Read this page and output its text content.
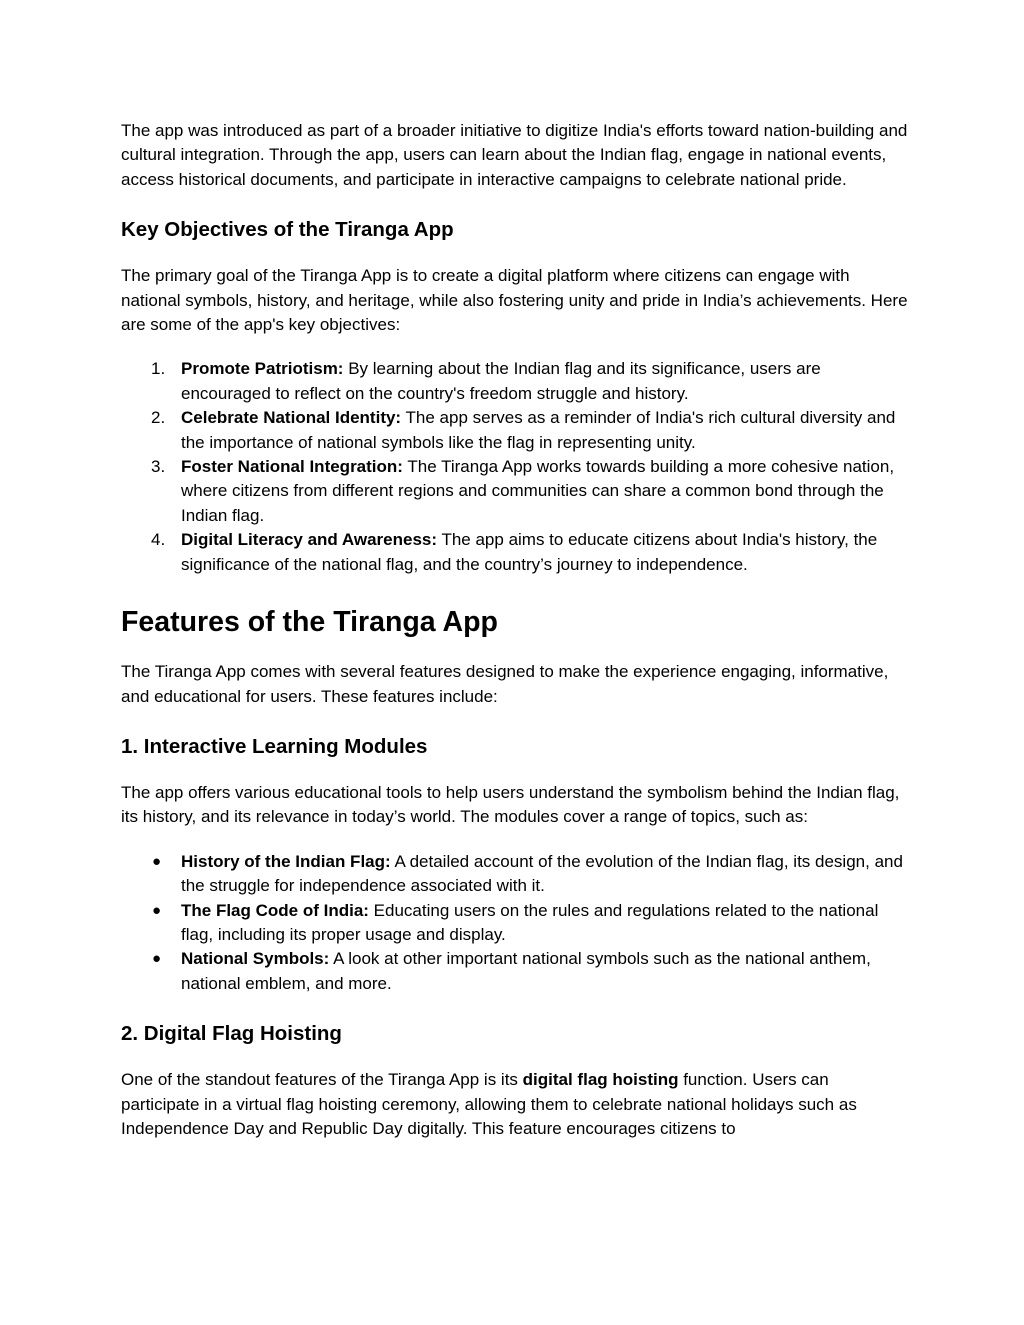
The app was introduced as part of a broader initiative to digitize India's efforts toward nation-building and cultural integration. Through the app, users can learn about the Indian flag, engage in national events, access historical documents, and participate in interactive campaigns to celebrate national pride.

Key Objectives of the Tiranga App

The primary goal of the Tiranga App is to create a digital platform where citizens can engage with national symbols, history, and heritage, while also fostering unity and pride in India’s achievements. Here are some of the app's key objectives:

1. Promote Patriotism: By learning about the Indian flag and its significance, users are encouraged to reflect on the country's freedom struggle and history.
2. Celebrate National Identity: The app serves as a reminder of India's rich cultural diversity and the importance of national symbols like the flag in representing unity.
3. Foster National Integration: The Tiranga App works towards building a more cohesive nation, where citizens from different regions and communities can share a common bond through the Indian flag.
4. Digital Literacy and Awareness: The app aims to educate citizens about India's history, the significance of the national flag, and the country’s journey to independence.
Features of the Tiranga App

The Tiranga App comes with several features designed to make the experience engaging, informative, and educational for users. These features include:

1. Interactive Learning Modules

The app offers various educational tools to help users understand the symbolism behind the Indian flag, its history, and its relevance in today’s world. The modules cover a range of topics, such as:

● History of the Indian Flag: A detailed account of the evolution of the Indian flag, its design, and the struggle for independence associated with it.
● The Flag Code of India: Educating users on the rules and regulations related to the national flag, including its proper usage and display.
● National Symbols: A look at other important national symbols such as the national anthem, national emblem, and more.
2. Digital Flag Hoisting

One of the standout features of the Tiranga App is its digital flag hoisting function. Users can participate in a virtual flag hoisting ceremony, allowing them to celebrate national holidays such as Independence Day and Republic Day digitally. This feature encourages citizens to
